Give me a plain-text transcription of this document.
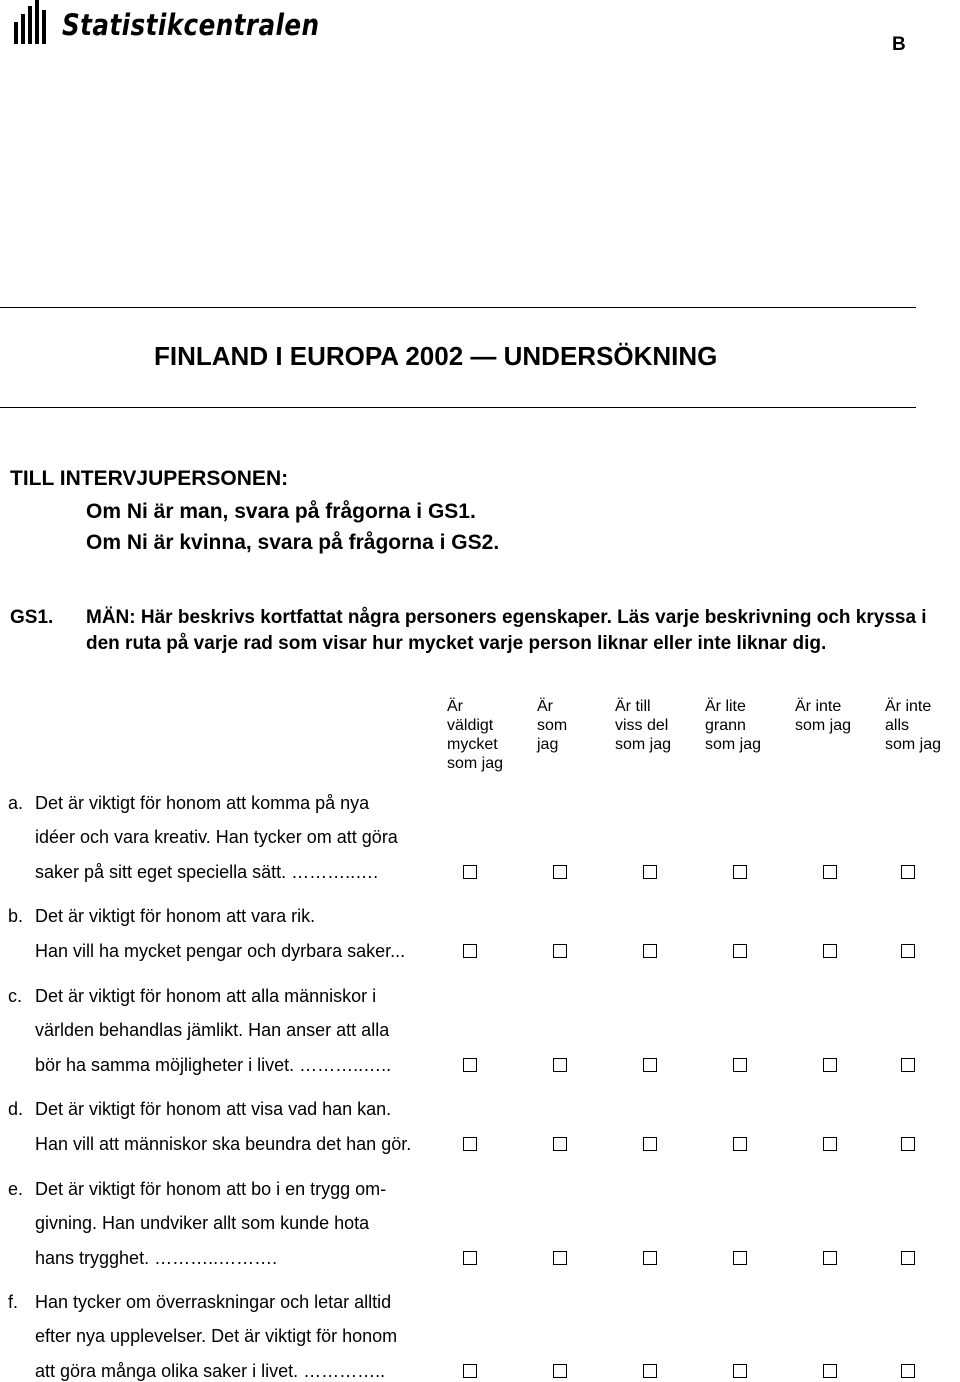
Statistikcentralen
B
FINLAND I EUROPA 2002 — UNDERSÖKNING
TILL INTERVJUPERSONEN:
Om Ni är man, svara på frågorna i GS1.
Om Ni är kvinna, svara på frågorna i GS2.
GS1. MÄN: Här beskrivs kortfattat några personers egenskaper. Läs varje beskrivning och kryssa i den ruta på varje rad som visar hur mycket varje person liknar eller inte liknar dig.
Är
väldigt
mycket
som jag
Är
som
jag
Är till
viss del
som jag
Är lite
grann
som jag
Är inte
som jag
Är inte
alls
som jag
a. Det är viktigt för honom att komma på nya
idéer och vara kreativ. Han tycker om att göra
saker på sitt eget speciella sätt. ………..….
b. Det är viktigt för honom att vara rik.
Han vill ha mycket pengar och dyrbara saker...
c. Det är viktigt för honom att alla människor i
världen behandlas jämlikt. Han anser att alla
bör ha samma möjligheter i livet. ………..…..
d. Det är viktigt för honom att visa vad han kan.
Han vill att människor ska beundra det han gör.
e. Det är viktigt för honom att bo i en trygg om-
givning. Han undviker allt som kunde hota
hans trygghet. ………..……….
f. Han tycker om överraskningar och letar alltid
efter nya upplevelser. Det är viktigt för honom
att göra många olika saker i livet. …………..
